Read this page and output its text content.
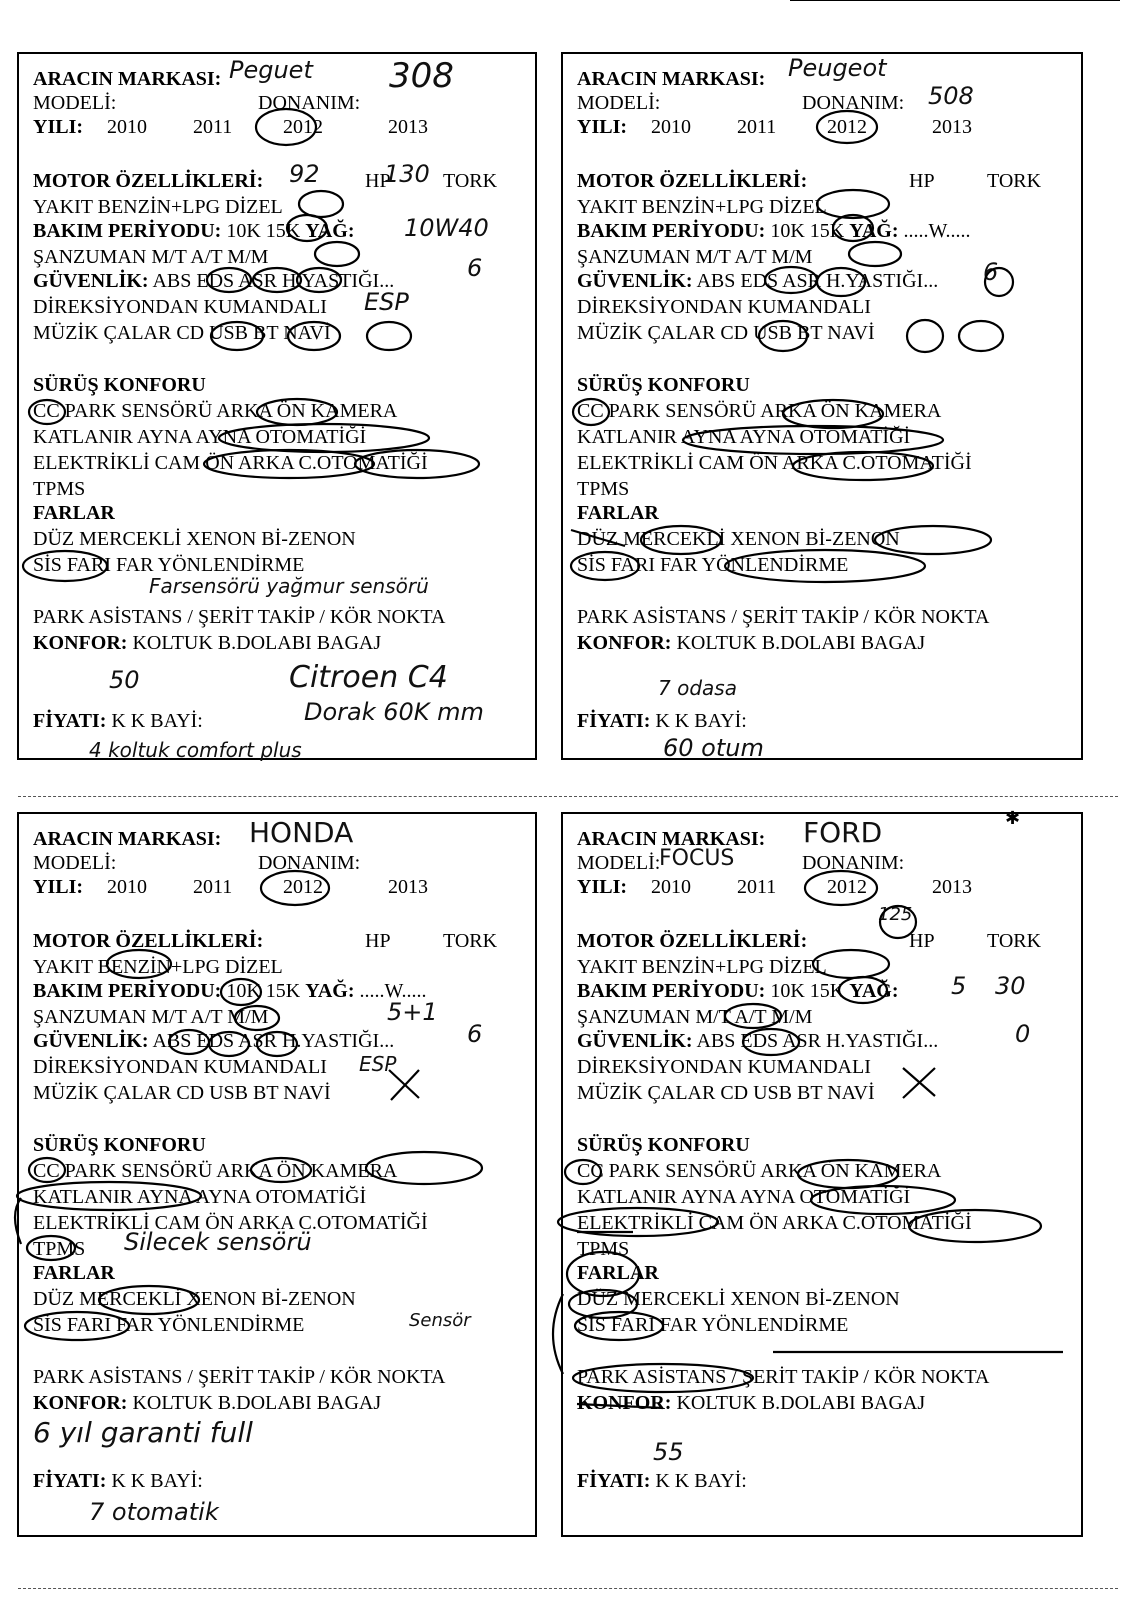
✱
ARACIN MARKASI: Peguet 308
MODELİ:	DONANIM:
YILI: 2010 2011	2012	2013
MOTOR ÖZELLİKLERİ:	HP	TORK
92	130
YAKIT BENZİN+LPG DİZEL
BAKIM PERİYODU: 10K 15K YAĞ: 10W40
ŞANZUMAN M/T A/T M/M
GÜVENLİK: ABS EDS ASR H.YASTIĞI...	6
DİREKSİYONDAN KUMANDALI ESP
MÜZİK ÇALAR CD USB BT NAVİ
SÜRÜŞ KONFORU
CC PARK SENSÖRÜ ARKA ÖN KAMERA
KATLANIR AYNA AYNA OTOMATİĞİ
ELEKTRİKLİ CAM ÖN ARKA C.OTOMATİĞİ
TPMS
FARLAR
DÜZ MERCEKLİ XENON Bİ-ZENON
SİS FARI FAR YÖNLENDİRME
Farsensörü yağmur sensörü
PARK ASİSTANS / ŞERİT TAKİP / KÖR NOKTA
KONFOR: KOLTUK B.DOLABI BAGAJ
50	Citroen C4
FİYATI: K K BAYİ:	Dorak 60K mm
4 koltuk comfort plus
ARACIN MARKASI: Peugeot
MODELİ:	DONANIM: 508
YILI: 2010 2011	2012	2013
MOTOR ÖZELLİKLERİ:	HP	TORK
YAKIT BENZİN+LPG DİZEL
BAKIM PERİYODU: 10K 15K YAĞ: .....W.....
ŞANZUMAN M/T A/T M/M
GÜVENLİK: ABS EDS ASR H.YASTIĞI... 6
DİREKSİYONDAN KUMANDALI
MÜZİK ÇALAR CD USB BT NAVİ
SÜRÜŞ KONFORU
CC PARK SENSÖRÜ ARKA ÖN KAMERA
KATLANIR AYNA AYNA OTOMATİĞİ
ELEKTRİKLİ CAM ÖN ARKA C.OTOMATİĞİ
TPMS
FARLAR
DÜZ MERCEKLİ XENON Bİ-ZENON
SİS FARI FAR YÖNLENDİRME
PARK ASİSTANS / ŞERİT TAKİP / KÖR NOKTA
KONFOR: KOLTUK B.DOLABI BAGAJ
FİYATI: K K BAYİ:
7 odasa
60 otum
ARACIN MARKASI: HONDA
MODELİ:	DONANIM:
YILI: 2010 2011	2012	2013
MOTOR ÖZELLİKLERİ:	HP	TORK
YAKIT BENZİN+LPG DİZEL
BAKIM PERİYODU: 10K 15K YAĞ: .....W.....
ŞANZUMAN M/T A/T M/M	5+1
GÜVENLİK: ABS EDS ASR H.YASTIĞI...	6
DİREKSİYONDAN KUMANDALI ESP
MÜZİK ÇALAR CD USB BT NAVİ
SÜRÜŞ KONFORU
CC PARK SENSÖRÜ ARKA ÖN KAMERA
KATLANIR AYNA AYNA OTOMATİĞİ
ELEKTRİKLİ CAM ÖN ARKA C.OTOMATİĞİ
TPMS Silecek sensörü
FARLAR
DÜZ MERCEKLİ XENON Bİ-ZENON
SİS FARI FAR YÖNLENDİRME	Sensör
PARK ASİSTANS / ŞERİT TAKİP / KÖR NOKTA
KONFOR: KOLTUK B.DOLABI BAGAJ
6 yıl garanti full
FİYATI: K K BAYİ:
7 otomatik
ARACIN MARKASI: FORD
MODELİ:	DONANIM:
FOCUS
YILI: 2010 2011	2012	2013
125
MOTOR ÖZELLİKLERİ:	HP	TORK
YAKIT BENZİN+LPG DİZEL
BAKIM PERİYODU: 10K 15K YAĞ: 5 30
ŞANZUMAN M/T A/T M/M
GÜVENLİK: ABS EDS ASR H.YASTIĞI...	0
DİREKSİYONDAN KUMANDALI
MÜZİK ÇALAR CD USB BT NAVİ
SÜRÜŞ KONFORU
CC PARK SENSÖRÜ ARKA ÖN KAMERA
KATLANIR AYNA AYNA OTOMATİĞİ
ELEKTRİKLİ CAM ÖN ARKA C.OTOMATİĞİ
TPMS
FARLAR
DÜZ MERCEKLİ XENON Bİ-ZENON
SİS FARI FAR YÖNLENDİRME
PARK ASİSTANS / ŞERİT TAKİP / KÖR NOKTA
KONFOR: KOLTUK B.DOLABI BAGAJ
55
FİYATI: K K BAYİ:
